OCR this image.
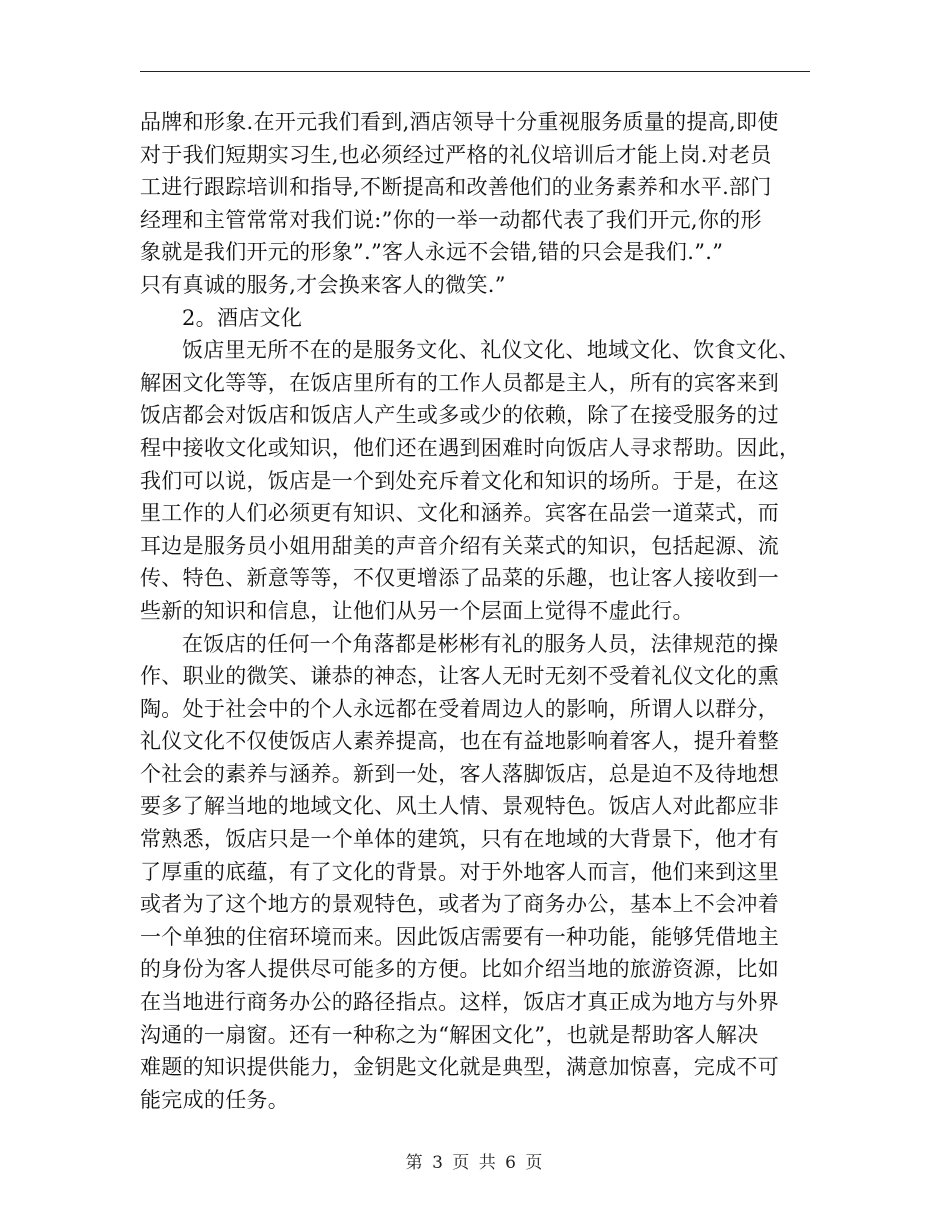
品牌和形象.在开元我们看到,酒店领导十分重视服务质量的提高,即使
对于我们短期实习生,也必须经过严格的礼仪培训后才能上岗.对老员
工进行跟踪培训和指导,不断提高和改善他们的业务素养和水平.部门
经理和主管常常对我们说:”你的一举一动都代表了我们开元,你的形
象就是我们开元的形象”.”客人永远不会错,错的只会是我们.”.”
只有真诚的服务,才会换来客人的微笑.”
2。酒店文化
饭店里无所不在的是服务文化、礼仪文化、地域文化、饮食文化、
解困文化等等，在饭店里所有的工作人员都是主人，所有的宾客来到
饭店都会对饭店和饭店人产生或多或少的依赖，除了在接受服务的过
程中接收文化或知识，他们还在遇到困难时向饭店人寻求帮助。因此，
我们可以说，饭店是一个到处充斥着文化和知识的场所。于是，在这
里工作的人们必须更有知识、文化和涵养。宾客在品尝一道菜式，而
耳边是服务员小姐用甜美的声音介绍有关菜式的知识，包括起源、流
传、特色、新意等等，不仅更增添了品菜的乐趣，也让客人接收到一
些新的知识和信息，让他们从另一个层面上觉得不虚此行。
在饭店的任何一个角落都是彬彬有礼的服务人员，法律规范的操
作、职业的微笑、谦恭的神态，让客人无时无刻不受着礼仪文化的熏
陶。处于社会中的个人永远都在受着周边人的影响，所谓人以群分，
礼仪文化不仅使饭店人素养提高，也在有益地影响着客人，提升着整
个社会的素养与涵养。新到一处，客人落脚饭店，总是迫不及待地想
要多了解当地的地域文化、风土人情、景观特色。饭店人对此都应非
常熟悉，饭店只是一个单体的建筑，只有在地域的大背景下，他才有
了厚重的底蕴，有了文化的背景。对于外地客人而言，他们来到这里
或者为了这个地方的景观特色，或者为了商务办公，基本上不会冲着
一个单独的住宿环境而来。因此饭店需要有一种功能，能够凭借地主
的身份为客人提供尽可能多的方便。比如介绍当地的旅游资源，比如
在当地进行商务办公的路径指点。这样，饭店才真正成为地方与外界
沟通的一扇窗。还有一种称之为“解困文化”，也就是帮助客人解决
难题的知识提供能力，金钥匙文化就是典型，满意加惊喜，完成不可
能完成的任务。
第 3 页 共 6 页
